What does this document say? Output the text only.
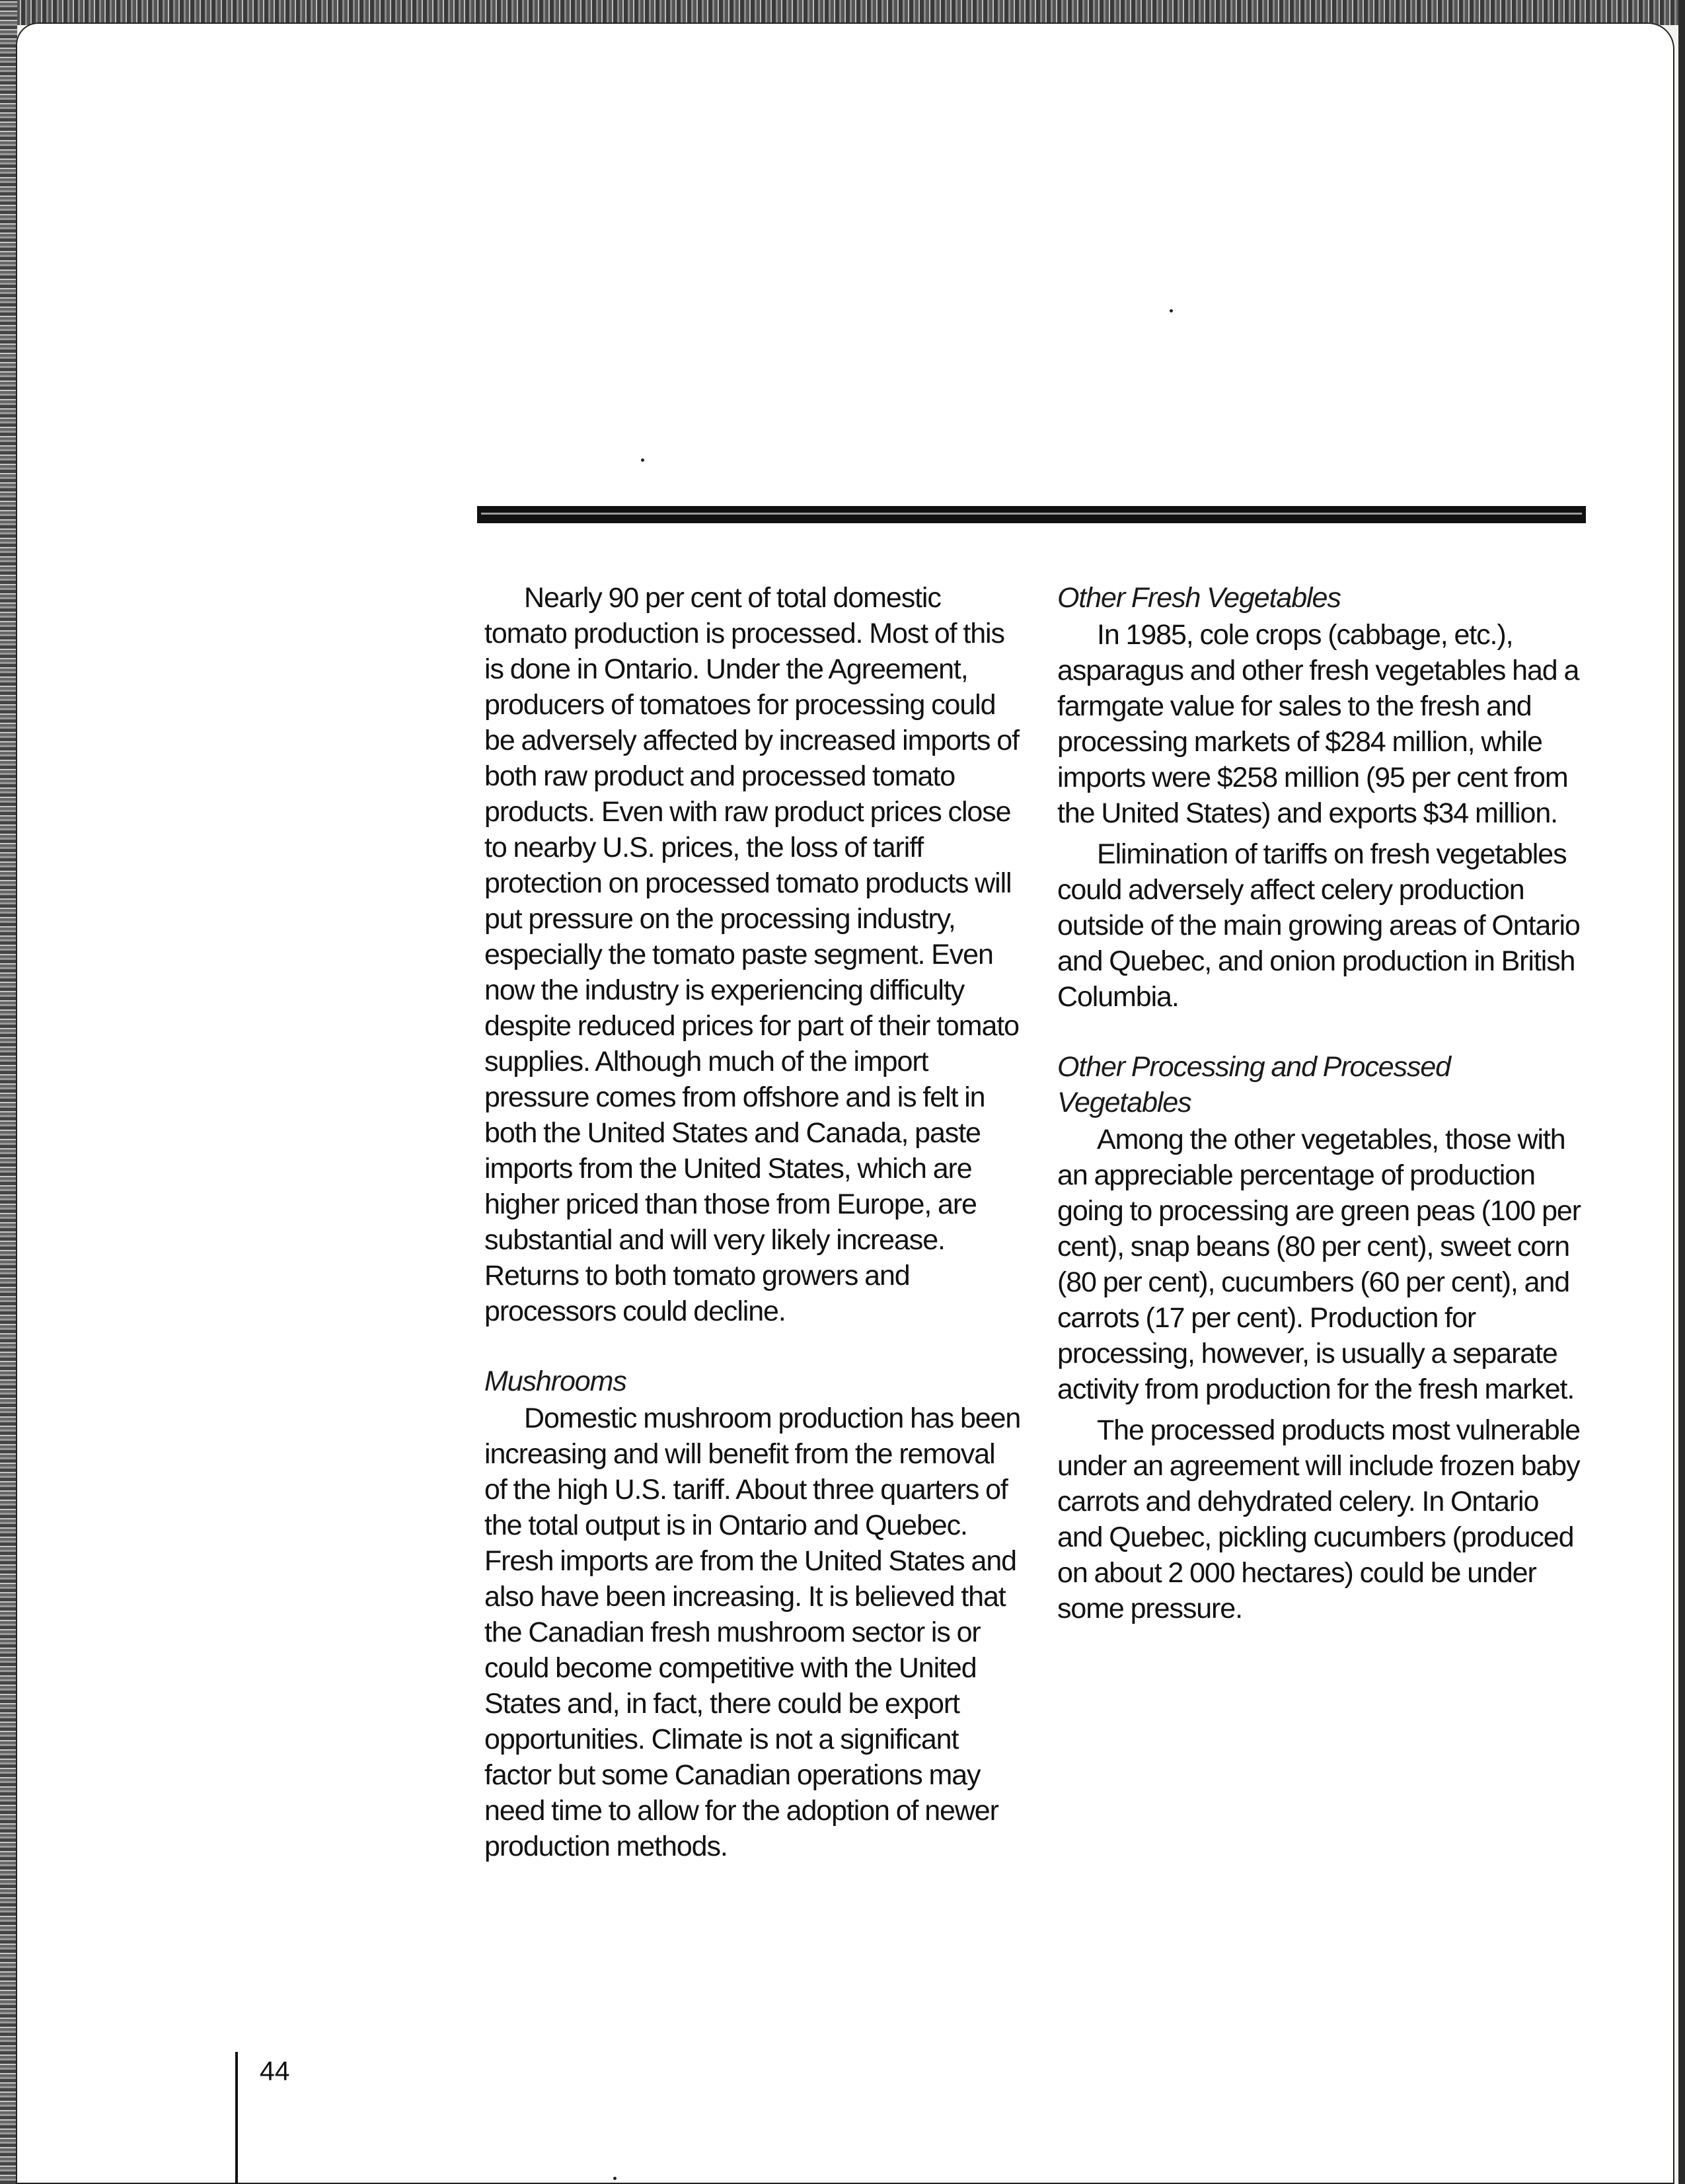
Nearly 90 per cent of total domestic tomato production is processed. Most of this is done in Ontario. Under the Agreement, producers of tomatoes for processing could be adversely affected by increased imports of both raw product and processed tomato products. Even with raw product prices close to nearby U.S. prices, the loss of tariff protection on processed tomato products will put pressure on the processing industry, especially the tomato paste segment. Even now the industry is experiencing difficulty despite reduced prices for part of their tomato supplies. Although much of the import pressure comes from offshore and is felt in both the United States and Canada, paste imports from the United States, which are higher priced than those from Europe, are substantial and will very likely increase. Returns to both tomato growers and processors could decline.

Mushrooms

Domestic mushroom production has been increasing and will benefit from the removal of the high U.S. tariff. About three quarters of the total output is in Ontario and Quebec. Fresh imports are from the United States and also have been increasing. It is believed that the Canadian fresh mushroom sector is or could become competitive with the United States and, in fact, there could be export opportunities. Climate is not a significant factor but some Canadian operations may need time to allow for the adoption of newer production methods.

Other Fresh Vegetables

In 1985, cole crops (cabbage, etc.), asparagus and other fresh vegetables had a farmgate value for sales to the fresh and processing markets of $284 million, while imports were $258 million (95 per cent from the United States) and exports $34 million.

Elimination of tariffs on fresh vegetables could adversely affect celery production outside of the main growing areas of Ontario and Quebec, and onion production in British Columbia.

Other Processing and Processed Vegetables

Among the other vegetables, those with an appreciable percentage of production going to processing are green peas (100 per cent), snap beans (80 per cent), sweet corn (80 per cent), cucumbers (60 per cent), and carrots (17 per cent). Production for processing, however, is usually a separate activity from production for the fresh market.

The processed products most vulnerable under an agreement will include frozen baby carrots and dehydrated celery. In Ontario and Quebec, pickling cucumbers (produced on about 2 000 hectares) could be under some pressure.

44
